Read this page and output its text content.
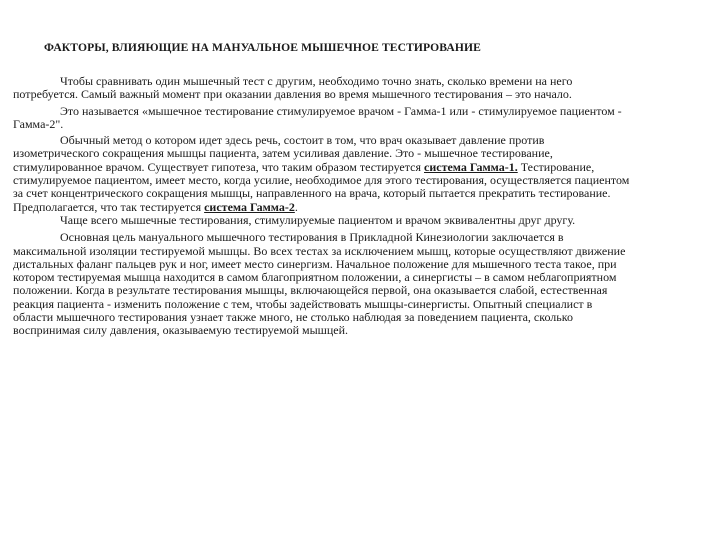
ФАКТОРЫ, ВЛИЯЮЩИЕ НА МАНУАЛЬНОЕ МЫШЕЧНОЕ ТЕСТИРОВАНИЕ

Чтобы сравнивать один мышечный тест с другим, необходимо точно знать, сколько времени на него потребуется. Самый важный момент при оказании давления во время мышечного тестирования – это начало.

Это называется «мышечное тестирование стимулируемое врачом - Гамма-1 или - стимулируемое пациентом - Гамма-2".

Обычный метод о котором идет здесь речь, состоит в том, что врач оказывает давление против изометрического сокращения мышцы пациента, затем усиливая давление. Это - мышечное тестирование, стимулированное врачом. Существует гипотеза, что таким образом тестируется система Гамма-1. Тестирование, стимулируемое пациентом, имеет место, когда усилие, необходимое для этого тестирования, осуществляется пациентом за счет концентрического сокращения мышцы, направленного на врача, который пытается прекратить тестирование. Предполагается, что так тестируется система Гамма-2.

Чаще всего мышечные тестирования, стимулируемые пациентом и врачом эквивалентны друг другу.

Основная цель мануального мышечного тестирования в Прикладной Кинезиологии заключается в максимальной изоляции тестируемой мышцы. Во всех тестах за исключением мышц, которые осуществляют движение дистальных фаланг пальцев рук и ног, имеет место синергизм. Начальное положение для мышечного теста такое, при котором тестируемая мышца находится в самом благоприятном положении, а синергисты – в самом неблагоприятном положении. Когда в результате тестирования мышцы, включающейся первой, она оказывается слабой, естественная реакция пациента - изменить положение с тем, чтобы задействовать мышцы-синергисты. Опытный специалист в области мышечного тестирования узнает также много, не столько наблюдая за поведением пациента, сколько воспринимая силу давления, оказываемую тестируемой мышцей.
